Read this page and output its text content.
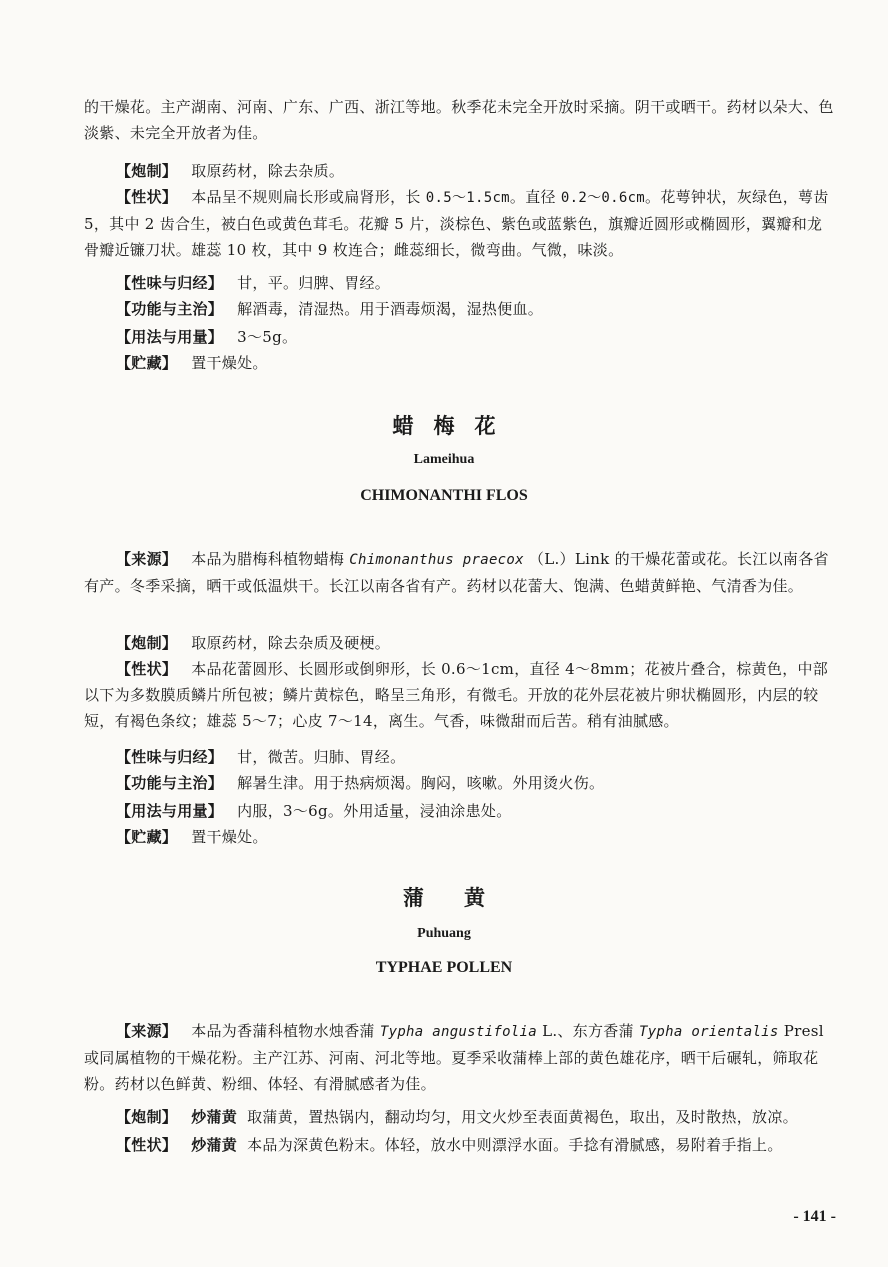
的干燥花。主产湖南、河南、广东、广西、浙江等地。秋季花未完全开放时采摘。阴干或晒干。药材以朵大、色淡紫、未完全开放者为佳。
【炮制】 取原药材，除去杂质。
【性状】 本品呈不规则扁长形或扁肾形，长 0.5～1.5cm。直径 0.2～0.6cm。花萼钟状，灰绿色，萼齿 5，其中 2 齿合生，被白色或黄色茸毛。花瓣 5 片，淡棕色、紫色或蓝紫色，旗瓣近圆形或椭圆形，翼瓣和龙骨瓣近镰刀状。雄蕊 10 枚，其中 9 枚连合；雌蕊细长，微弯曲。气微，味淡。
【性味与归经】 甘，平。归脾、胃经。
【功能与主治】 解酒毒，清湿热。用于酒毒烦渴，湿热便血。
【用法与用量】 3～5g。
【贮藏】 置干燥处。
蜡梅花
Lameihua
CHIMONANTHI FLOS
【来源】 本品为腊梅科植物蜡梅 Chimonanthus praecox （L.）Link 的干燥花蕾或花。长江以南各省有产。冬季采摘，晒干或低温烘干。长江以南各省有产。药材以花蕾大、饱满、色蜡黄鲜艳、气清香为佳。
【炮制】 取原药材，除去杂质及硬梗。
【性状】 本品花蕾圆形、长圆形或倒卵形，长 0.6～1cm，直径 4～8mm；花被片叠合，棕黄色，中部以下为多数膜质鳞片所包被；鳞片黄棕色，略呈三角形，有微毛。开放的花外层花被片卵状椭圆形，内层的较短，有褐色条纹；雄蕊 5～7；心皮 7～14，离生。气香，味微甜而后苦。稍有油腻感。
【性味与归经】 甘，微苦。归肺、胃经。
【功能与主治】 解暑生津。用于热病烦渴。胸闷，咳嗽。外用烫火伤。
【用法与用量】 内服，3～6g。外用适量，浸油涂患处。
【贮藏】 置干燥处。
蒲黄
Puhuang
TYPHAE POLLEN
【来源】 本品为香蒲科植物水烛香蒲 Typha angustifolia L.、东方香蒲 Typha orientalis Presl 或同属植物的干燥花粉。主产江苏、河南、河北等地。夏季采收蒲棒上部的黄色雄花序，晒干后碾轧，筛取花粉。药材以色鲜黄、粉细、体轻、有滑腻感者为佳。
【炮制】 炒蒲黄 取蒲黄，置热锅内，翻动均匀，用文火炒至表面黄褐色，取出，及时散热，放凉。
【性状】 炒蒲黄 本品为深黄色粉末。体轻，放水中则漂浮水面。手捻有滑腻感，易附着手指上。
- 141 -
